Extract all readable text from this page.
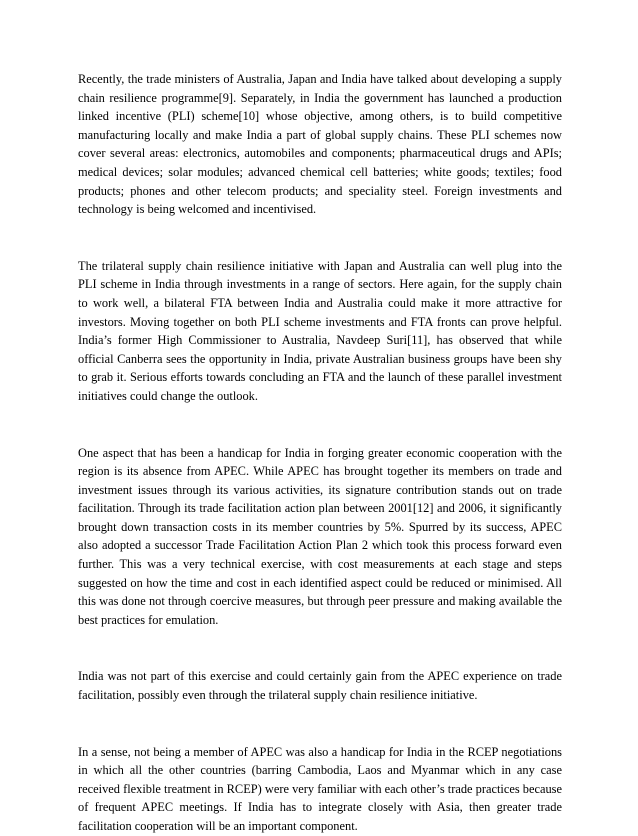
Recently, the trade ministers of Australia, Japan and India have talked about developing a supply chain resilience programme[9]. Separately, in India the government has launched a production linked incentive (PLI) scheme[10] whose objective, among others, is to build competitive manufacturing locally and make India a part of global supply chains. These PLI schemes now cover several areas: electronics, automobiles and components; pharmaceutical drugs and APIs; medical devices; solar modules; advanced chemical cell batteries; white goods; textiles; food products; phones and other telecom products; and speciality steel. Foreign investments and technology is being welcomed and incentivised.

The trilateral supply chain resilience initiative with Japan and Australia can well plug into the PLI scheme in India through investments in a range of sectors. Here again, for the supply chain to work well, a bilateral FTA between India and Australia could make it more attractive for investors. Moving together on both PLI scheme investments and FTA fronts can prove helpful. India’s former High Commissioner to Australia, Navdeep Suri[11], has observed that while official Canberra sees the opportunity in India, private Australian business groups have been shy to grab it. Serious efforts towards concluding an FTA and the launch of these parallel investment initiatives could change the outlook.

One aspect that has been a handicap for India in forging greater economic cooperation with the region is its absence from APEC. While APEC has brought together its members on trade and investment issues through its various activities, its signature contribution stands out on trade facilitation. Through its trade facilitation action plan between 2001[12] and 2006, it significantly brought down transaction costs in its member countries by 5%. Spurred by its success, APEC also adopted a successor Trade Facilitation Action Plan 2 which took this process forward even further. This was a very technical exercise, with cost measurements at each stage and steps suggested on how the time and cost in each identified aspect could be reduced or minimised. All this was done not through coercive measures, but through peer pressure and making available the best practices for emulation.

India was not part of this exercise and could certainly gain from the APEC experience on trade facilitation, possibly even through the trilateral supply chain resilience initiative.

In a sense, not being a member of APEC was also a handicap for India in the RCEP negotiations in which all the other countries (barring Cambodia, Laos and Myanmar which in any case received flexible treatment in RCEP) were very familiar with each other’s trade practices because of frequent APEC meetings. If India has to integrate closely with Asia, then greater trade facilitation cooperation will be an important component.
